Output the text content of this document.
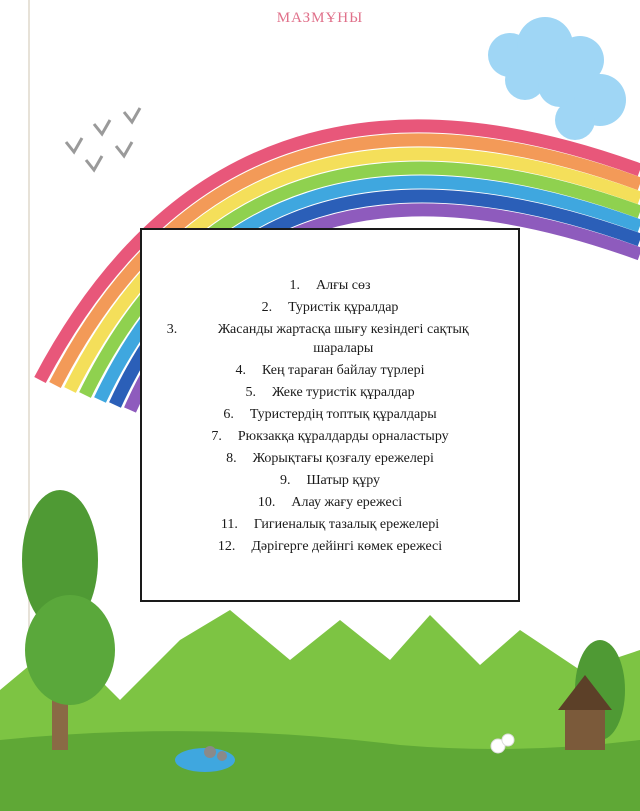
МАЗМҰНЫ
1. Алғы сөз
2. Туристік құралдар
3.	Жасанды жартасқа шығу кезіндегі сақтық шаралары
4. Кең тараған байлау түрлері
5. Жеке туристік құралдар
6. Туристердің топтық құралдары
7. Рюкзакқа құралдарды орналастыру
8. Жорықтағы қозғалу ережелері
9. Шатыр құру
10. Алау жағу ережесі
11. Гигиеналық тазалық ережелері
12. Дәрігерге дейінгі көмек ережесі
